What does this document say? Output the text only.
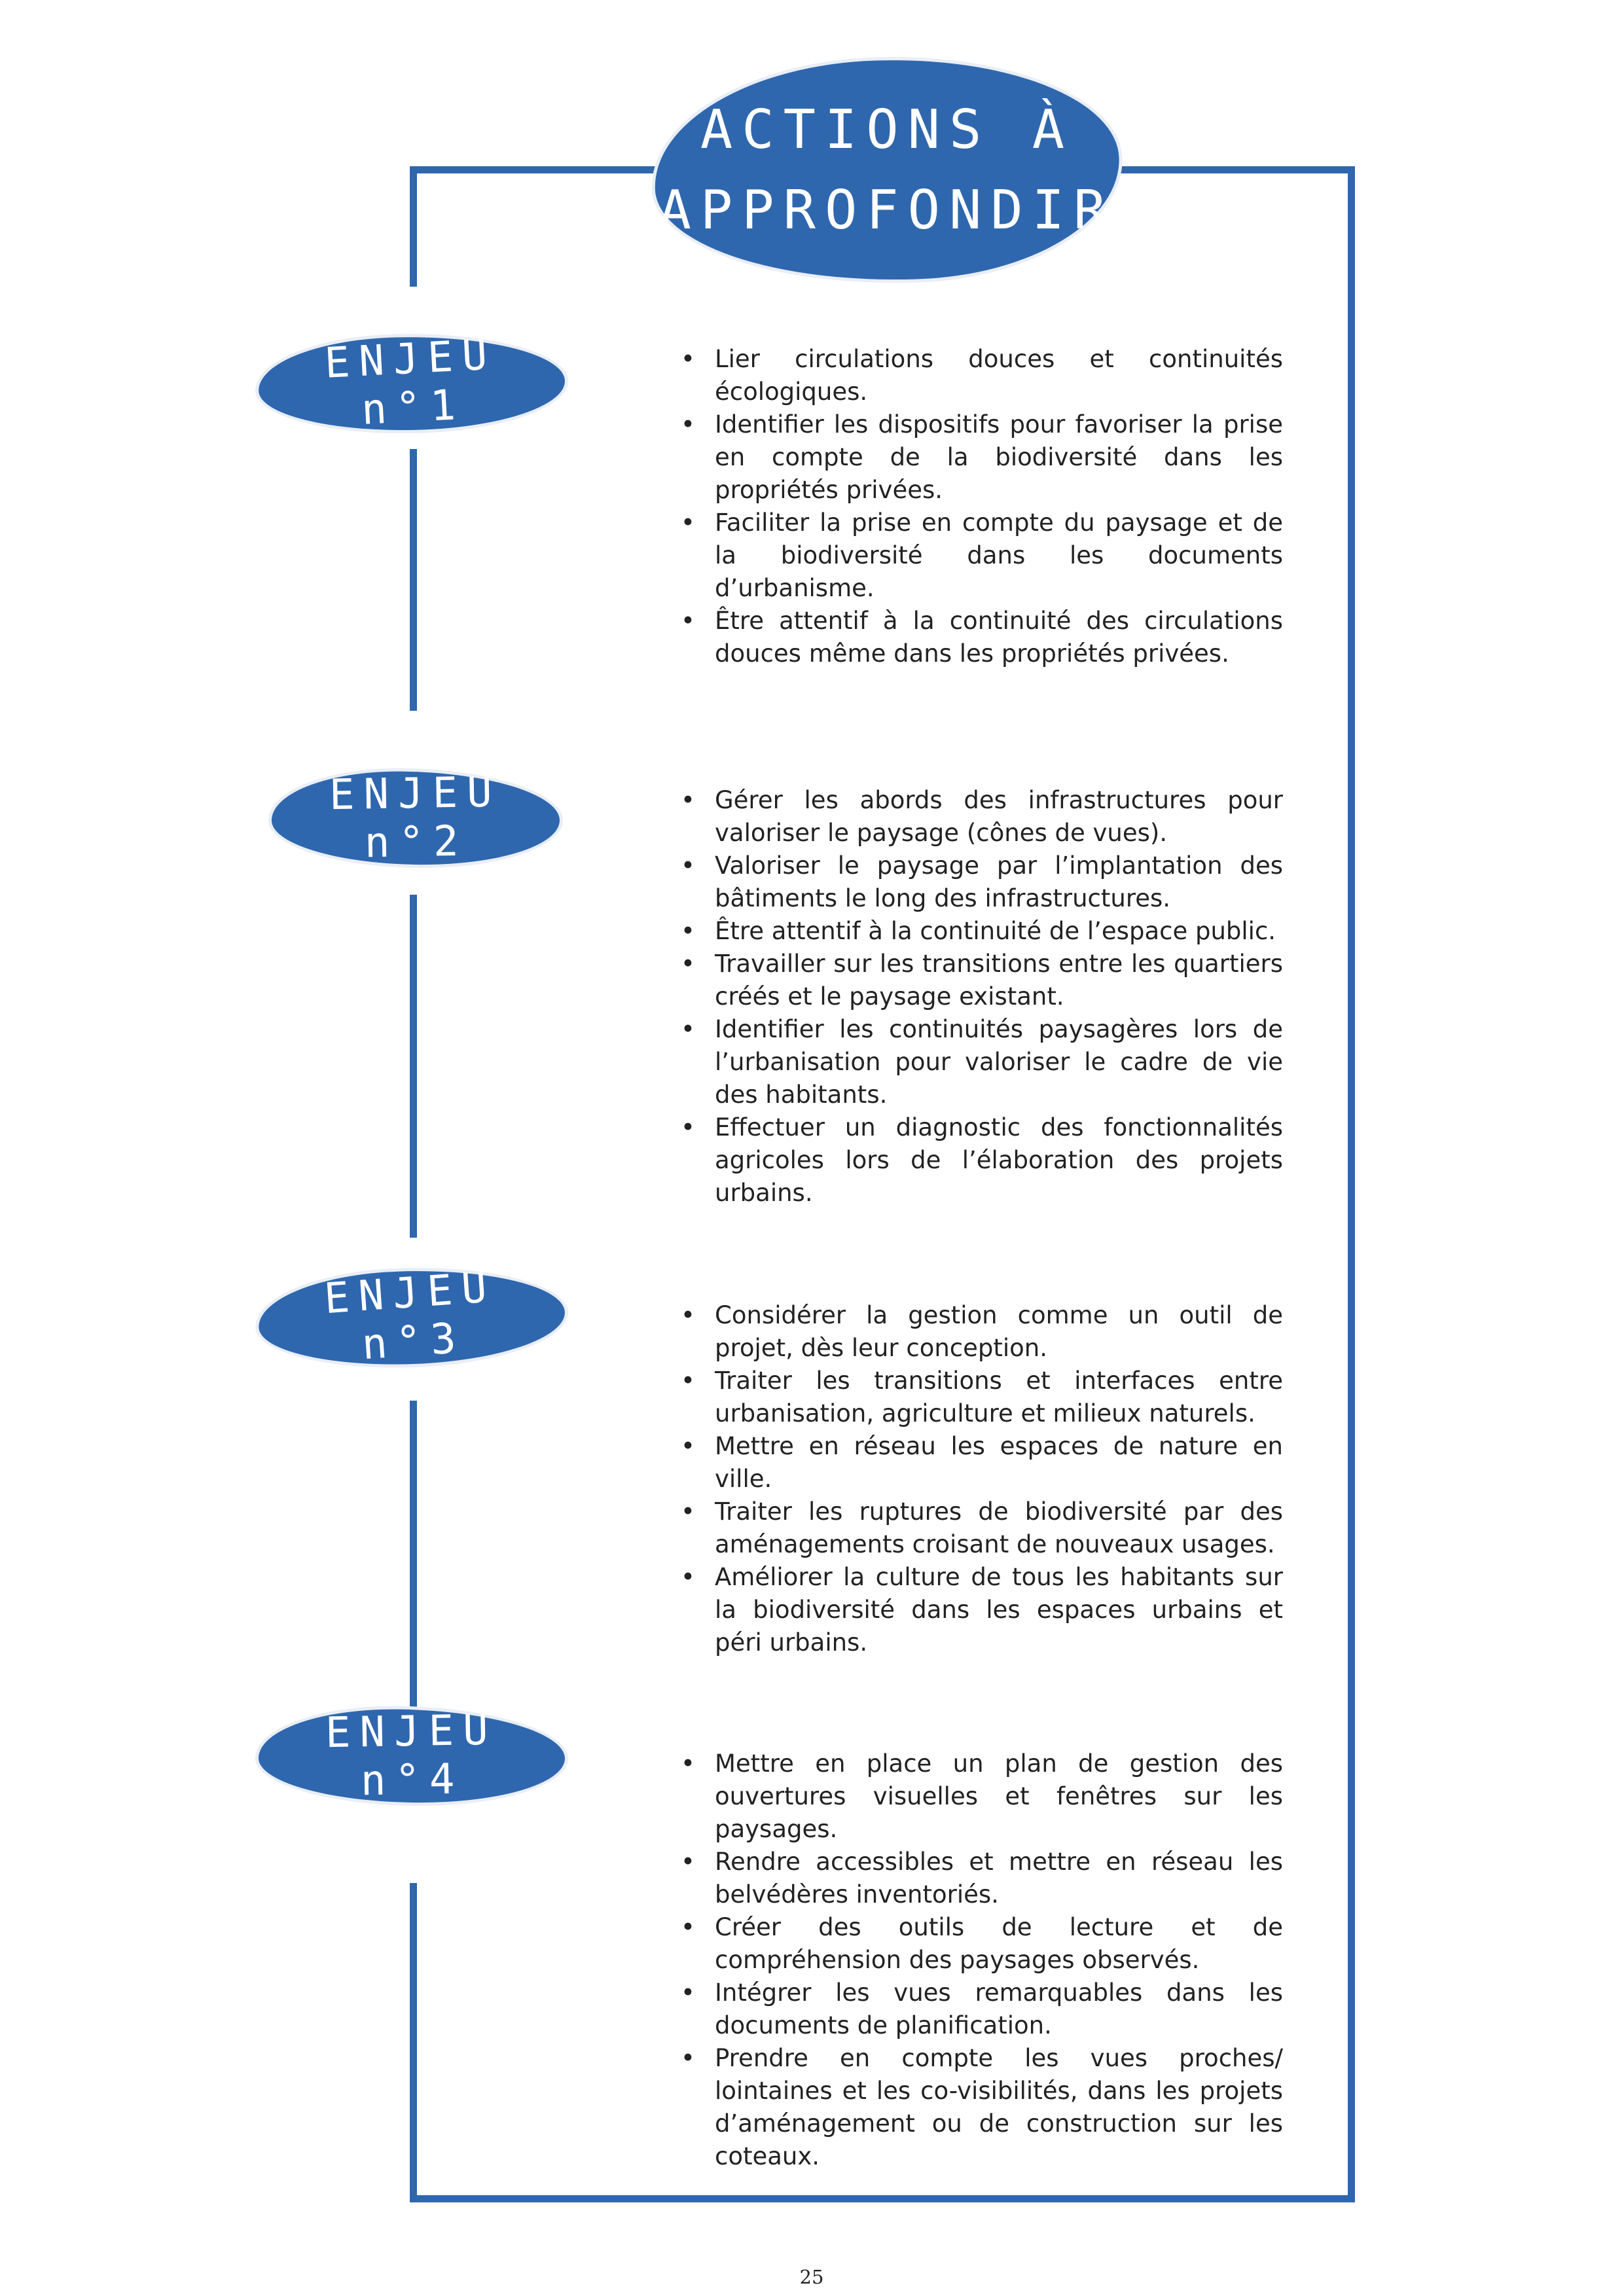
ACTIONS À APPROFONDIR
ENJEU n°1
ENJEU n°2
ENJEU n°3
ENJEU n°4
• Lier circulations douces et continuités écologiques.
• Identifier les dispositifs pour favoriser la prise en compte de la biodiversité dans les propriétés privées.
• Faciliter la prise en compte du paysage et de la biodiversité dans les documents d’urbanisme.
• Être attentif à la continuité des circulations douces même dans les propriétés privées.
• Gérer les abords des infrastructures pour valoriser le paysage (cônes de vues).
• Valoriser le paysage par l’implantation des bâtiments le long des infrastructures.
• Être attentif à la continuité de l’espace public.
• Travailler sur les transitions entre les quartiers créés et le paysage existant.
• Identifier les continuités paysagères lors de l’urbanisation pour valoriser le cadre de vie des habitants.
• Effectuer un diagnostic des fonctionnalités agricoles lors de l’élaboration des projets urbains.
• Considérer la gestion comme un outil de projet, dès leur conception.
• Traiter les transitions et interfaces entre urbanisation, agriculture et milieux naturels.
• Mettre en réseau les espaces de nature en ville.
• Traiter les ruptures de biodiversité par des aménagements croisant de nouveaux usages.
• Améliorer la culture de tous les habitants sur la biodiversité dans les espaces urbains et péri urbains.
• Mettre en place un plan de gestion des ouvertures visuelles et fenêtres sur les paysages.
• Rendre accessibles et mettre en réseau les belvédères inventoriés.
• Créer des outils de lecture et de compréhension des paysages observés.
• Intégrer les vues remarquables dans les documents de planification.
• Prendre en compte les vues proches/ lointaines et les co-visibilités, dans les projets d’aménagement ou de construction sur les coteaux.
25
